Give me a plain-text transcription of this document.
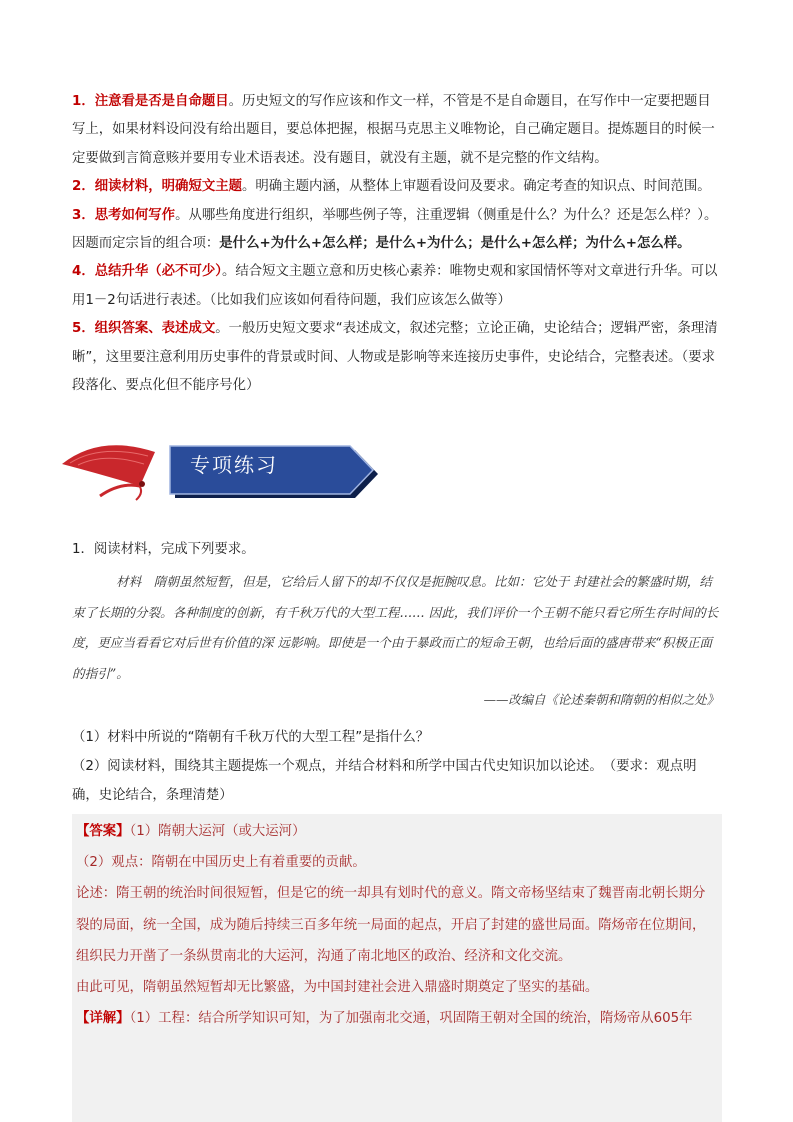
1．注意看是否是自命题目。历史短文的写作应该和作文一样，不管是不是自命题目，在写作中一定要把题目写上，如果材料设问没有给出题目，要总体把握，根据马克思主义唯物论，自己确定题目。提炼题目的时候一定要做到言简意赅并要用专业术语表述。没有题目，就没有主题，就不是完整的作文结构。
2．细读材料，明确短文主题。明确主题内涵，从整体上审题看设问及要求。确定考查的知识点、时间范围。
3．思考如何写作。从哪些角度进行组织，举哪些例子等，注重逻辑（侧重是什么？为什么？还是怎么样？）。因题而定宗旨的组合项：是什么+为什么+怎么样；是什么+为什么；是什么+怎么样；为什么+怎么样。
4．总结升华（必不可少）。结合短文主题立意和历史核心素养：唯物史观和家国情怀等对文章进行升华。可以用1－2句话进行表述。（比如我们应该如何看待问题，我们应该怎么做等）
5．组织答案、表述成文。一般历史短文要求“表述成文，叙述完整；立论正确，史论结合；逻辑严密，条理清晰”，这里要注意利用历史事件的背景或时间、人物或是影响等来连接历史事件，史论结合，完整表述。（要求段落化、要点化但不能序号化）
专项练习
1．阅读材料，完成下列要求。
材料　隋朝虽然短暂，但是，它给后人留下的却不仅仅是扼腕叹息。比如：它处于 封建社会的繁盛时期，结束了长期的分裂。各种制度的创新，有千秋万代的大型工程…… 因此，我们评价一个王朝不能只看它所生存时间的长度，更应当看看它对后世有价值的深 远影响。即使是一个由于暴政而亡的短命王朝，也给后面的盛唐带来“积极正面的指引”。
——改编自《论述秦朝和隋朝的相似之处》
（1）材料中所说的“隋朝有千秋万代的大型工程”是指什么？
（2）阅读材料，围绕其主题提炼一个观点，并结合材料和所学中国古代史知识加以论述。　（要求：观点明确，史论结合，条理清楚）
【答案】（1）隋朝大运河（或大运河）
（2）观点：隋朝在中国历史上有着重要的贡献。
论述：隋王朝的统治时间很短暂，但是它的统一却具有划时代的意义。隋文帝杨坚结束了魏晋南北朝长期分裂的局面，统一全国，成为随后持续三百多年统一局面的起点，开启了封建的盛世局面。隋炀帝在位期间，组织民力开凿了一条纵贯南北的大运河，沟通了南北地区的政治、经济和文化交流。
由此可见，隋朝虽然短暂却无比繁盛，为中国封建社会进入鼎盛时期奠定了坚实的基础。
【详解】（1）工程：结合所学知识可知，为了加强南北交通，巩固隋王朝对全国的统治，隋炀帝从605年
